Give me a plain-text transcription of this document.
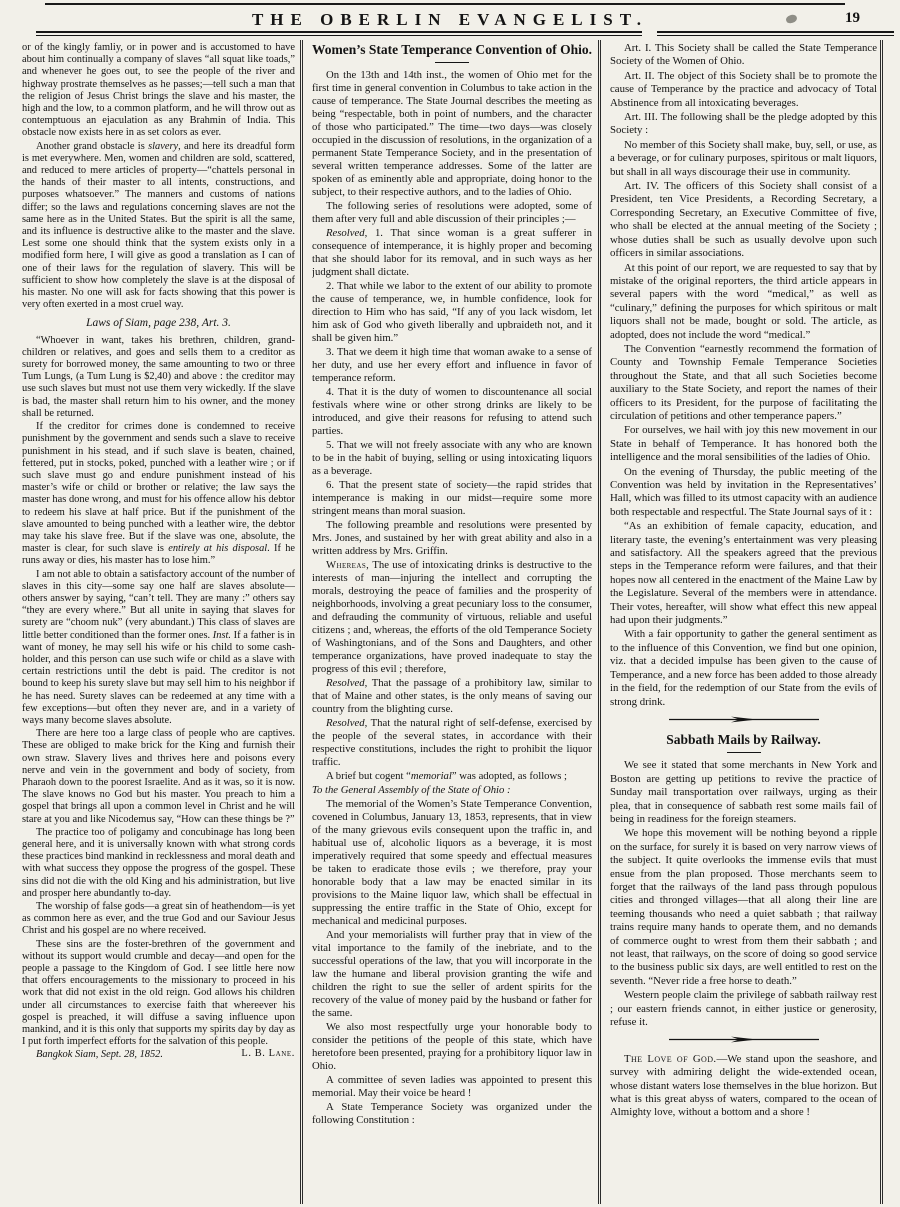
THE OBERLIN EVANGELIST.	19

or of the kingly famliy, or in power and is accustomed to have about him continually a company of slaves “all squat like toads,” and whenever he goes out, to see the people of the river and highway prostrate themselves as he passes;—tell such a man that the religion of Jesus Christ brings the slave and his master, the high and the low, to a common platform, and he will throw out as contemptuous an ejaculation as any Brahmin of India. This obstacle now exists here in as set colors as ever.

Another grand obstacle is slavery, and here its dreadful form is met everywhere. Men, women and children are sold, scattered, and reduced to mere articles of property—“chattels personal in the hands of their master to all intents, constructions, and purposes whatsoever.” The manners and customs of nations differ; so the laws and regulations concerning slaves are not the same here as in the United States. But the spirit is all the same, and its influence is destructive alike to the master and the slave. Lest some one should think that the system exists only in a modified form here, I will give as good a translation as I can of one of their laws for the regulation of slavery. This will be sufficient to show how completely the slave is at the disposal of his master. No one will ask for facts showing that this power is very often exerted in a most cruel way.

Laws of Siam, page 238, Art. 3.

“Whoever in want, takes his brethren, children, grand-children or relatives, and goes and sells them to a creditor as surety for borrowed money, the same amounting to two or three Tum Lungs, (a Tum Lung is $2,40) and above : the creditor may use such slaves but must not use them very wickedly. If the slave is bad, the master shall return him to his owner, and the money shall be returned.

If the creditor for crimes done is condemned to receive punishment by the government and sends such a slave to receive punishment in his stead, and if such slave is beaten, chained, fettered, put in stocks, poked, punched with a leather wire ; or if such slave must go and endure punishment instead of his master’s wife or child or brother or relative; the law says the master has done wrong, and must for his offence allow his debtor to redeem his slave at half price. But if the punishment of the slave amounted to being punched with a leather wire, the debtor may take his slave free. But if the slave was one, absolute, the master is clear, for such slave is entirely at his disposal. If he runs away or dies, his master has to lose him.”

I am not able to obtain a satisfactory account of the number of slaves in this city—some say one half are slaves absolute—others answer by saying, “can’t tell. They are many :” others say “they are every where.” But all unite in saying that slaves for surety are “choom nuk” (very abundant.) This class of slaves are little better conditioned than the former ones. Inst. If a father is in want of money, he may sell his wife or his child to some cash-holder, and this person can use such wife or child as a slave with certain restrictions until the debt is paid. The creditor is not bound to keep his surety slave but may sell him to his neighbor if he has need. Surety slaves can be redeemed at any time with a few exceptions—but often they never are, and in a variety of ways many become slaves absolute.

There are here too a large class of people who are captives. These are obliged to make brick for the King and furnish their own straw. Slavery lives and thrives here and poisons every nerve and vein in the government and body of society, from Pharaoh down to the poorest Israelite. And as it was, so it is now. The slave knows no God but his master. You preach to him a gospel that brings all upon a common level in Christ and he will stare at you and like Nicodemus say, “How can these things be ?”

The practice too of poligamy and concubinage has long been general here, and it is universally known with what strong cords these practices bind mankind in recklessness and moral death and with what success they oppose the progress of the gospel. These sins did not die with the old King and his administration, but live and prosper here abundantly to-day.

The worship of false gods—a great sin of heathendom—is yet as common here as ever, and the true God and our Saviour Jesus Christ and his gospel are no where received.

These sins are the foster-brethren of the government and without its support would crumble and decay—and open for the people a passage to the Kingdom of God. I see little here now that offers encouragements to the missionary to proceed in his work that did not exist in the old reign. God allows his children under all circumstances to exercise faith that whereever his gospel is preached, it will diffuse a saving influence upon mankind, and it is this only that supports my spirits day by day as I put forth imperfect efforts for the salvation of this people.
L. B. Lane.

Bangkok Siam, Sept. 28, 1852.

Women’s State Temperance Convention of Ohio.

On the 13th and 14th inst., the women of Ohio met for the first time in general convention in Columbus to take action in the cause of temperance. The State Journal describes the meeting as being “respectable, both in point of numbers, and the character of those who participated.” The time—two days—was closely occupied in the discussion of resolutions, in the organization of a permanent State Temperance Society, and in the presentation of several written temperance addresses. Some of the latter are spoken of as eminently able and appropriate, doing honor to the subject, to their respective authors, and to the ladies of Ohio.

The following series of resolutions were adopted, some of them after very full and able discussion of their principles ;—

Resolved, 1. That since woman is a great sufferer in consequence of intemperance, it is highly proper and becoming that she should labor for its removal, and in such ways as her judgment shall dictate.

2. That while we labor to the extent of our ability to promote the cause of temperance, we, in humble confidence, look for direction to Him who has said, “If any of you lack wisdom, let him ask of God who giveth liberally and upbraideth not, and it shall be given him.”

3. That we deem it high time that woman awake to a sense of her duty, and use her every effort and influence in favor of temperance reform.

4. That it is the duty of women to discountenance all social festivals where wine or other strong drinks are likely to be introduced, and give their reasons for refusing to attend such parties.

5. That we will not freely associate with any who are known to be in the habit of buying, selling or using intoxicating liquors as a beverage.

6. That the present state of society—the rapid strides that intemperance is making in our midst—require some more stringent means than moral suasion.

The following preamble and resolutions were presented by Mrs. Jones, and sustained by her with great ability and also in a written address by Mrs. Griffin.

Whereas, The use of intoxicating drinks is destructive to the interests of man—injuring the intellect and corrupting the morals, destroying the peace of families and the prosperity of neighborhoods, involving a great pecuniary loss to the consumer, and defrauding the community of virtuous, reliable and useful citizens ; and, whereas, the efforts of the old Temperance Society of Washingtonians, and of the Sons and Daughters, and other temperance organizations, have proved inadequate to stay the progress of this evil ; therefore,

Resolved, That the passage of a prohibitory law, similar to that of Maine and other states, is the only means of saving our country from the blighting curse.

Resolved, That the natural right of self-defense, exercised by the people of the several states, in accordance with their respective constitutions, includes the right to prohibit the liquor traffic.

A brief but cogent “memorial” was adopted, as follows ;

To the General Assembly of the State of Ohio :

The memorial of the Women’s State Temperance Convention, covened in Columbus, January 13, 1853, represents, that in view of the many grievous evils consequent upon the traffic in, and habitual use of, alcoholic liquors as a beverage, it is most imperatively required that some speedy and effectual measures be taken to eradicate those evils ; we therefore, pray your honorable body that a law may be enacted similar in its provisions to the Maine liquor law, which shall be effectual in suppressing the entire traffic in the State of Ohio, except for mechanical and medicinal purposes.

And your memorialists will further pray that in view of the vital importance to the family of the inebriate, and to the successful operations of the law, that you will incorporate in the law the humane and liberal provision granting the wife and children the right to sue the seller of ardent spirits for the recovery of the value of money paid by the husband or father for the same.

We also most respectfully urge your honorable body to consider the petitions of the people of this state, which have heretofore been presented, praying for a prohibitory liquor law in Ohio.

A committee of seven ladies was appointed to present this memorial. May their voice be heard !

A State Temperance Society was organized under the following Constitution :

Art. I. This Society shall be called the State Temperance Society of the Women of Ohio.

Art. II. The object of this Society shall be to promote the cause of Temperance by the practice and advocacy of Total Abstinence from all intoxicating beverages.

Art. III. The following shall be the pledge adopted by this Society :

No member of this Society shall make, buy, sell, or use, as a beverage, or for culinary purposes, spiritous or malt liquors, but shall in all ways discourage their use in community.

Art. IV. The officers of this Society shall consist of a President, ten Vice Presidents, a Recording Secretary, a Corresponding Secretary, an Executive Committee of five, who shall be elected at the annual meeting of the Society ; whose duties shall be such as usually devolve upon such officers in similar associations.

At this point of our report, we are requested to say that by mistake of the original reporters, the third article appears in several papers with the word “medical,” as well as “culinary,” defining the purposes for which spiritous or malt liquors shall not be made, bought or sold. The article, as adopted, does not include the word “medical.”

The Convention “earnestly recommend the formation of County and Township Female Temperance Societies throughout the State, and that all such Societies become auxiliary to the State Society, and report the names of their officers to its President, for the purpose of facilitating the circulation of petitions and other temperance papers.”

For ourselves, we hail with joy this new movement in our State in behalf of Temperance. It has honored both the intelligence and the moral sensibilities of the ladies of Ohio.

On the evening of Thursday, the public meeting of the Convention was held by invitation in the Representatives’ Hall, which was filled to its utmost capacity with an audience both respectable and respectful. The State Journal says of it :

“As an exhibition of female capacity, education, and literary taste, the evening’s entertainment was very pleasing and satisfactory. All the speakers agreed that the previous steps in the Temperance reform were failures, and that their hopes now all centered in the enactment of the Maine Law by the Legislature. Several of the members were in attendance. Their votes, hereafter, will show what effect this new appeal had upon their judgments.”

With a fair opportunity to gather the general sentiment as to the influence of this Convention, we find but one opinion, viz. that a decided impulse has been given to the cause of Temperance, and a new force has been added to those already in the field, for the redemption of our State from the evils of strong drink.

Sabbath Mails by Railway.

We see it stated that some merchants in New York and Boston are getting up petitions to revive the practice of Sunday mail transportation over railways, urging as their plea, that in consequence of sabbath rest some mails fail of being in readiness for the foreign steamers.

We hope this movement will be nothing beyond a ripple on the surface, for surely it is based on very narrow views of the subject. It quite overlooks the immense evils that must ensue from the plan proposed. Those merchants seem to forget that the railways of the land pass through populous cities and thronged villages—that all along their line are teeming thousands who need a quiet sabbath ; that railway trains require many hands to operate them, and no demands of commerce ought to wrest from them their sabbath ; and not least, that railways, on the score of doing so good service to the business public six days, are well entitled to rest on the seventh. “Never ride a free horse to death.”

Western people claim the privilege of sabbath railway rest ; our eastern friends cannot, in either justice or generosity, refuse it.

The Love of God.—We stand upon the seashore, and survey with admiring delight the wide-extended ocean, whose distant waters lose themselves in the blue horizon. But what is this great abyss of waters, compared to the ocean of Almighty love, without a bottom and a shore !
